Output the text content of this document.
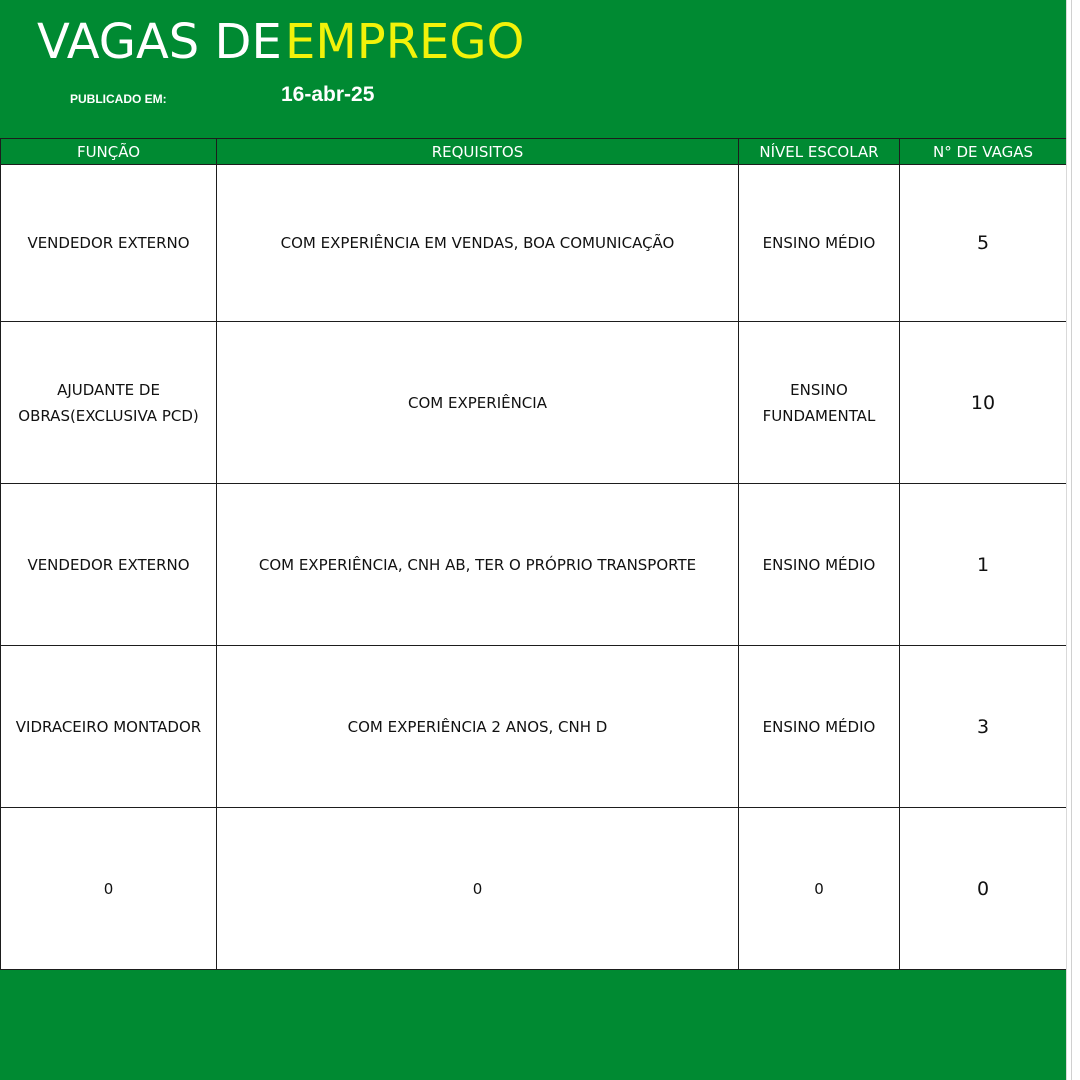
VAGAS DE EMPREGO
PUBLICADO EM:	16-abr-25
FUNÇÃO	REQUISITOS	NÍVEL ESCOLAR	N° DE VAGAS
VENDEDOR EXTERNO	COM EXPERIÊNCIA EM VENDAS, BOA COMUNICAÇÃO	ENSINO MÉDIO	5
AJUDANTE DE OBRAS(EXCLUSIVA PCD)	COM EXPERIÊNCIA	ENSINO FUNDAMENTAL	10
VENDEDOR EXTERNO	COM EXPERIÊNCIA, CNH AB, TER O PRÓPRIO TRANSPORTE	ENSINO MÉDIO	1
VIDRACEIRO MONTADOR	COM EXPERIÊNCIA 2 ANOS, CNH D	ENSINO MÉDIO	3
0	0	0	0
